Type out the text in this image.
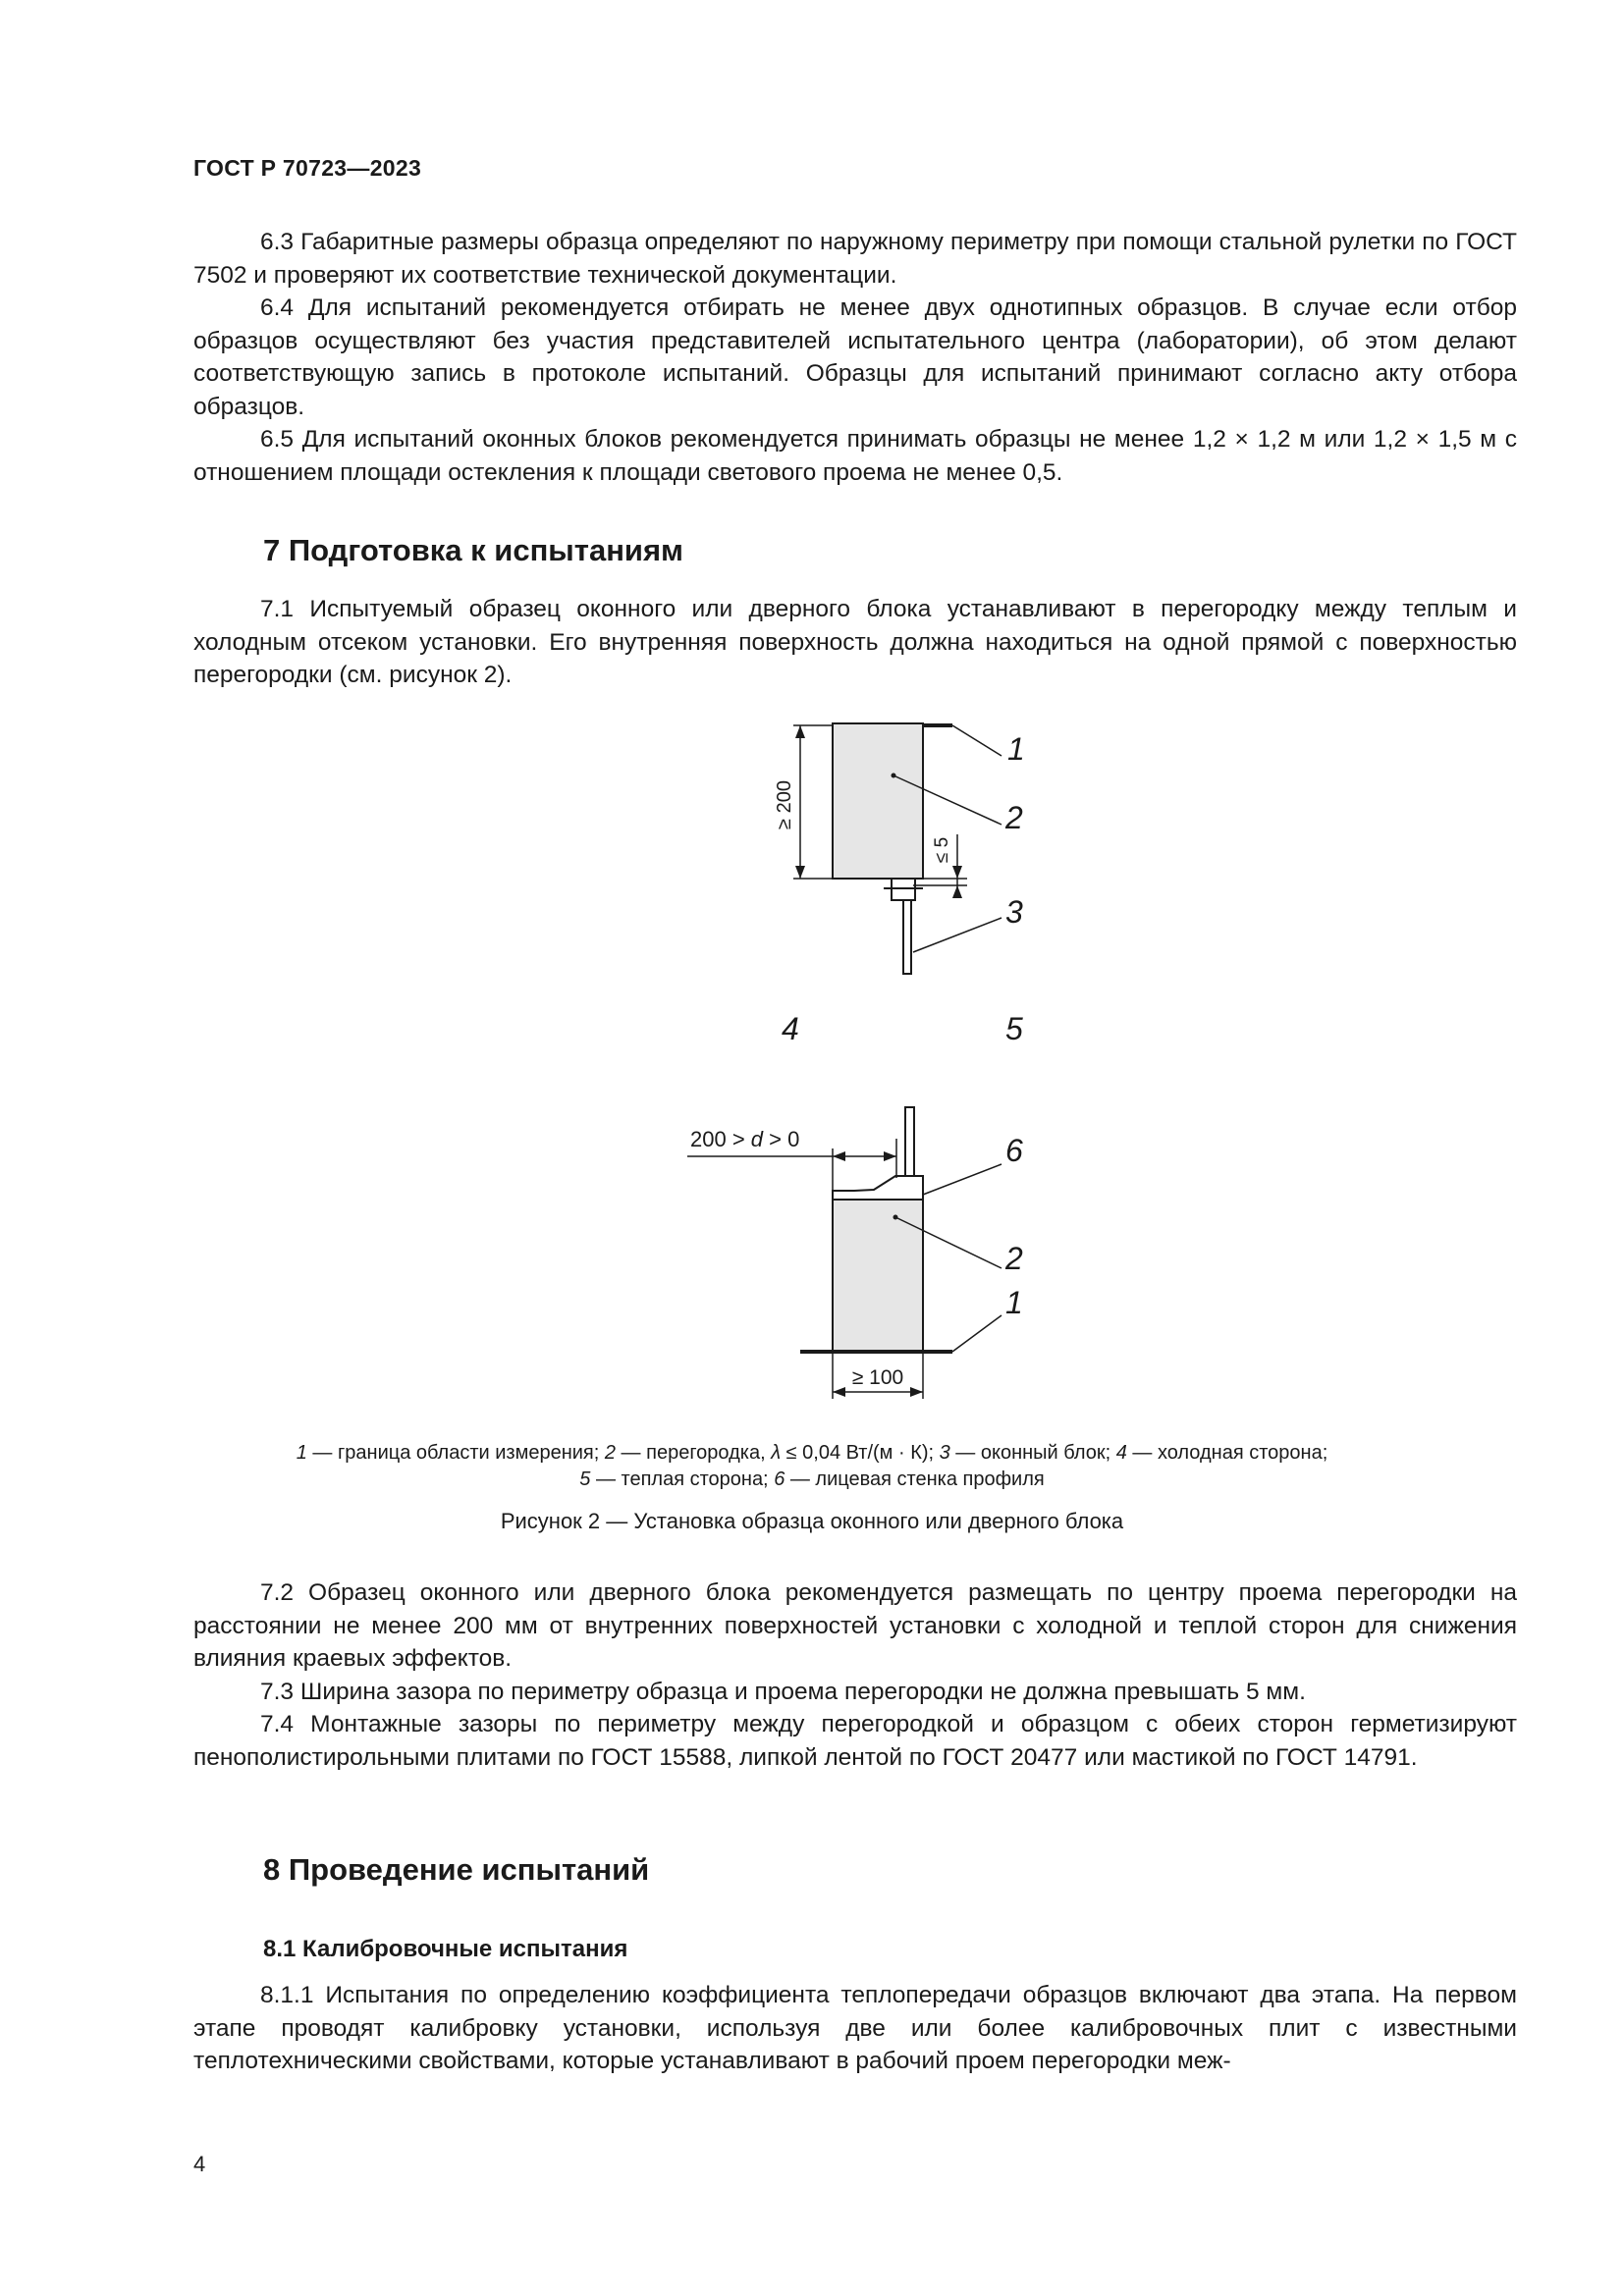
ГОСТ Р 70723—2023

6.3 Габаритные размеры образца определяют по наружному периметру при помощи стальной рулетки по ГОСТ 7502 и проверяют их соответствие технической документации.

6.4 Для испытаний рекомендуется отбирать не менее двух однотипных образцов. В случае если отбор образцов осуществляют без участия представителей испытательного центра (лаборатории), об этом делают соответствующую запись в протоколе испытаний. Образцы для испытаний принимают согласно акту отбора образцов.

6.5 Для испытаний оконных блоков рекомендуется принимать образцы не менее 1,2 × 1,2 м или 1,2 × 1,5 м с отношением площади остекления к площади светового проема не менее 0,5.

7 Подготовка к испытаниям

7.1 Испытуемый образец оконного или дверного блока устанавливают в перегородку между теплым и холодным отсеком установки. Его внутренняя поверхность должна находиться на одной прямой с поверхностью перегородки (см. рисунок 2).

≥ 200
≤ 5
1
2
3
4	5
200 > d > 0
≥ 100
6
2
1
1 — граница области измерения; 2 — перегородка, λ ≤ 0,04 Вт/(м · К); 3 — оконный блок; 4 — холодная сторона;
5 — теплая сторона; 6 — лицевая стенка профиля
Рисунок 2 — Установка образца оконного или дверного блока

7.2 Образец оконного или дверного блока рекомендуется размещать по центру проема перегородки на расстоянии не менее 200 мм от внутренних поверхностей установки с холодной и теплой сторон для снижения влияния краевых эффектов.

7.3 Ширина зазора по периметру образца и проема перегородки не должна превышать 5 мм.

7.4 Монтажные зазоры по периметру между перегородкой и образцом с обеих сторон герметизируют пенополистирольными плитами по ГОСТ 15588, липкой лентой по ГОСТ 20477 или мастикой по ГОСТ 14791.

8 Проведение испытаний
8.1 Калибровочные испытания

8.1.1 Испытания по определению коэффициента теплопередачи образцов включают два этапа. На первом этапе проводят калибровку установки, используя две или более калибровочных плит с известными теплотехническими свойствами, которые устанавливают в рабочий проем перегородки меж-

4
